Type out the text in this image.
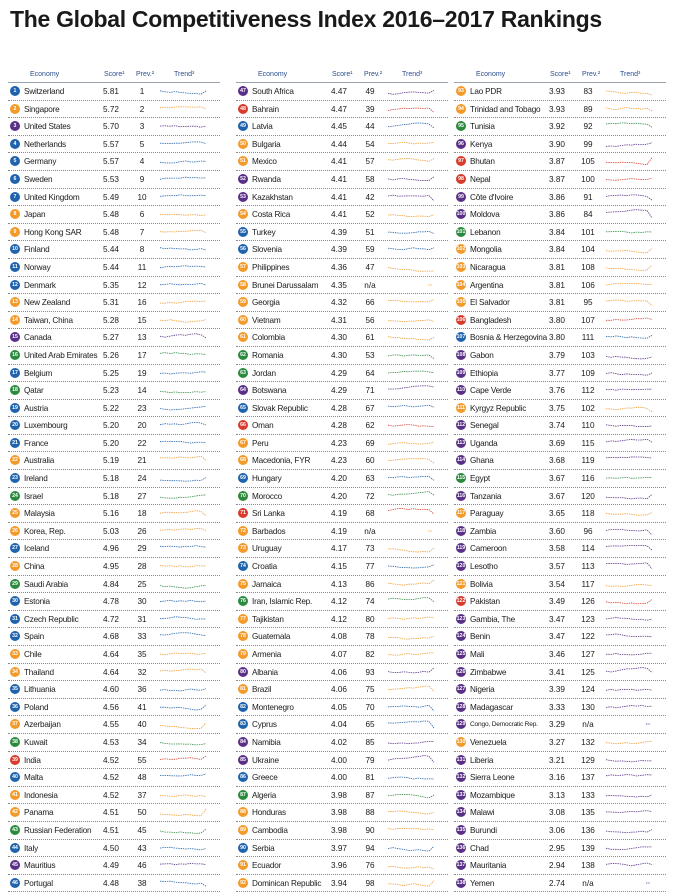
The Global Competitiveness Index 2016–2017 Rankings
Economy	Score¹ Prev.²	Trend³
1 Switzerland	5.81	1
2 Singapore	5.72	2
3 United States	5.70	3
4 Netherlands	5.57	5
5 Germany	5.57	4
6 Sweden	5.53	9
7 United Kingdom	5.49	10
8 Japan	5.48	6
9 Hong Kong SAR	5.48	7
10 Finland	5.44	8
11 Norway	5.44	11
12 Denmark	5.35	12
13 New Zealand	5.31	16
14 Taiwan, China	5.28	15
15 Canada	5.27	13
16 United Arab Emirates 5.26	17
17 Belgium	5.25	19
18 Qatar	5.23	14
19 Austria	5.22	23
20 Luxembourg	5.20	20
21 France	5.20	22
22 Australia	5.19	21
23 Ireland	5.18	24
24 Israel	5.18	27
25 Malaysia	5.16	18
26 Korea, Rep.	5.03	26
27 Iceland	4.96	29
28 China	4.95	28
29 Saudi Arabia	4.84	25
30 Estonia	4.78	30
31 Czech Republic	4.72	31
32 Spain	4.68	33
33 Chile	4.64	35
34 Thailand	4.64	32
35 Lithuania	4.60	36
36 Poland	4.56	41
37 Azerbaijan	4.55	40
38 Kuwait	4.53	34
39 India	4.52	55
40 Malta	4.52	48
41 Indonesia	4.52	37
42 Panama	4.51	50
43 Russian Federation	4.51	45
44 Italy	4.50	43
45 Mauritius	4.49	46
46 Portugal	4.48	38
Economy	Score¹ Prev.²	Trend³
47 South Africa	4.47	49
48 Bahrain	4.47	39
49 Latvia	4.45	44
50 Bulgaria	4.44	54
51 Mexico	4.41	57
52 Rwanda	4.41	58
53 Kazakhstan	4.41	42
54 Costa Rica	4.41	52
55 Turkey	4.39	51
56 Slovenia	4.39	59
57 Philippines	4.36	47
58 Brunei Darussalam	4.35	n/a
59 Georgia	4.32	66
60 Vietnam	4.31	56
61 Colombia	4.30	61
62 Romania	4.30	53
63 Jordan	4.29	64
64 Botswana	4.29	71
65 Slovak Republic	4.28	67
66 Oman	4.28	62
67 Peru	4.23	69
68 Macedonia, FYR	4.23	60
69 Hungary	4.20	63
70 Morocco	4.20	72
71 Sri Lanka	4.19	68
72 Barbados	4.19	n/a
73 Uruguay	4.17	73
74 Croatia	4.15	77
75 Jamaica	4.13	86
76 Iran, Islamic Rep.	4.12	74
77 Tajikistan	4.12	80
78 Guatemala	4.08	78
79 Armenia	4.07	82
80 Albania	4.06	93
81 Brazil	4.06	75
82 Montenegro	4.05	70
83 Cyprus	4.04	65
84 Namibia	4.02	85
85 Ukraine	4.00	79
86 Greece	4.00	81
87 Algeria	3.98	87
88 Honduras	3.98	88
89 Cambodia	3.98	90
90 Serbia	3.97	94
91 Ecuador	3.96	76
92 Dominican Republic	3.94	98
Economy	Score¹ Prev.²	Trend³
93 Lao PDR	3.93	83
94 Trinidad and Tobago	3.93	89
95 Tunisia	3.92	92
96 Kenya	3.90	99
97 Bhutan	3.87	105
98 Nepal	3.87	100
99 Côte d'Ivoire	3.86	91
100 Moldova	3.86	84
101 Lebanon	3.84	101
102 Mongolia	3.84	104
103 Nicaragua	3.81	108
104 Argentina	3.81	106
105 El Salvador	3.81	95
106 Bangladesh	3.80	107
107 Bosnia & Herzegovina 3.80	111
108 Gabon	3.79	103
109 Ethiopia	3.77	109
110 Cape Verde	3.76	112
111 Kyrgyz Republic	3.75	102
112 Senegal	3.74	110
113 Uganda	3.69	115
114 Ghana	3.68	119
115 Egypt	3.67	116
116 Tanzania	3.67	120
117 Paraguay	3.65	118
118 Zambia	3.60	96
119 Cameroon	3.58	114
120 Lesotho	3.57	113
121 Bolivia	3.54	117
122 Pakistan	3.49	126
123 Gambia, The	3.47	123
124 Benin	3.47	122
125 Mali	3.46	127
126 Zimbabwe	3.41	125
127 Nigeria	3.39	124
128 Madagascar	3.33	130
129 Congo, Democratic Rep.	3.29	n/a
130 Venezuela	3.27	132
131 Liberia	3.21	129
132 Sierra Leone	3.16	137
133 Mozambique	3.13	133
134 Malawi	3.08	135
135 Burundi	3.06	136
136 Chad	2.95	139
137 Mauritania	2.94	138
138 Yemen	2.74	n/a
